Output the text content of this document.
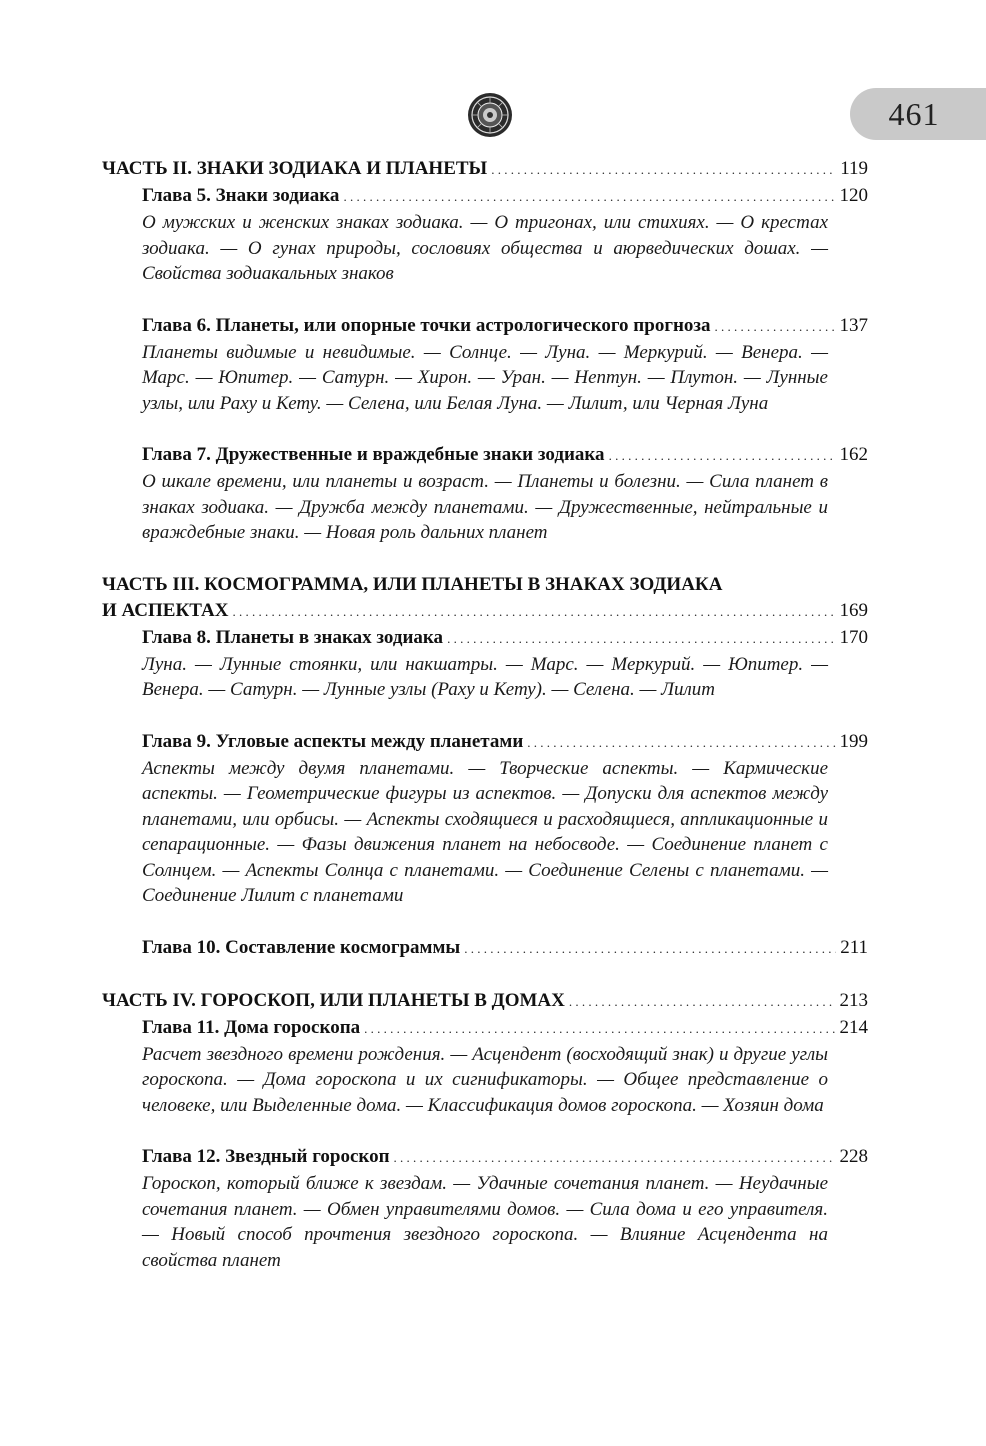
461
ЧАСТЬ II. ЗНАКИ ЗОДИАКА И ПЛАНЕТЫ . . .	119
Глава 5. Знаки зодиака . . .	120
О мужских и женских знаках зодиака. — О тригонах, или стихиях. — О крестах зодиака. — О гунах природы, сословиях общества и аюрведических дошах. — Свойства зодиакальных знаков
Глава 6. Планеты, или опорные точки астрологического прогноза . . .	137
Планеты видимые и невидимые. — Солнце. — Луна. — Меркурий. — Венера. — Марс. — Юпитер. — Сатурн. — Хирон. — Уран. — Нептун. — Плутон. — Лунные узлы, или Раху и Кету. — Селена, или Белая Луна. — Лилит, или Черная Луна
Глава 7. Дружественные и враждебные знаки зодиака . . .	162
О шкале времени, или планеты и возраст. — Планеты и болезни. — Сила планет в знаках зодиака. — Дружба между планетами. — Дружественные, нейтральные и враждебные знаки. — Новая роль дальних планет
ЧАСТЬ III. КОСМОГРАММА, ИЛИ ПЛАНЕТЫ В ЗНАКАХ ЗОДИАКА
И АСПЕКТАХ . . .	169
Глава 8. Планеты в знаках зодиака . . .	170
Луна. — Лунные стоянки, или накшатры. — Марс. — Меркурий. — Юпитер. — Венера. — Сатурн. — Лунные узлы (Раху и Кету). — Селена. — Лилит
Глава 9. Угловые аспекты между планетами . . .	199
Аспекты между двумя планетами. — Творческие аспекты. — Кармические аспекты. — Геометрические фигуры из аспектов. — Допуски для аспектов между планетами, или орбисы. — Аспекты сходящиеся и расходящиеся, аппликационные и сепарационные. — Фазы движения планет на небосводе. — Соединение планет с Солнцем. — Аспекты Солнца с планетами. — Соединение Селены с планетами. — Соединение Лилит с планетами
Глава 10. Составление космограммы . . .	211
ЧАСТЬ IV. ГОРОСКОП, ИЛИ ПЛАНЕТЫ В ДОМАХ . . .	213
Глава 11. Дома гороскопа . . .	214
Расчет звездного времени рождения. — Асцендент (восходящий знак) и другие углы гороскопа. — Дома гороскопа и их сигнификаторы. — Общее представление о человеке, или Выделенные дома. — Классификация домов гороскопа. — Хозяин дома
Глава 12. Звездный гороскоп . . .	228
Гороскоп, который ближе к звездам. — Удачные сочетания планет. — Неудачные сочетания планет. — Обмен управителями домов. — Сила дома и его управителя. — Новый способ прочтения звездного гороскопа. — Влияние Асцендента на свойства планет
